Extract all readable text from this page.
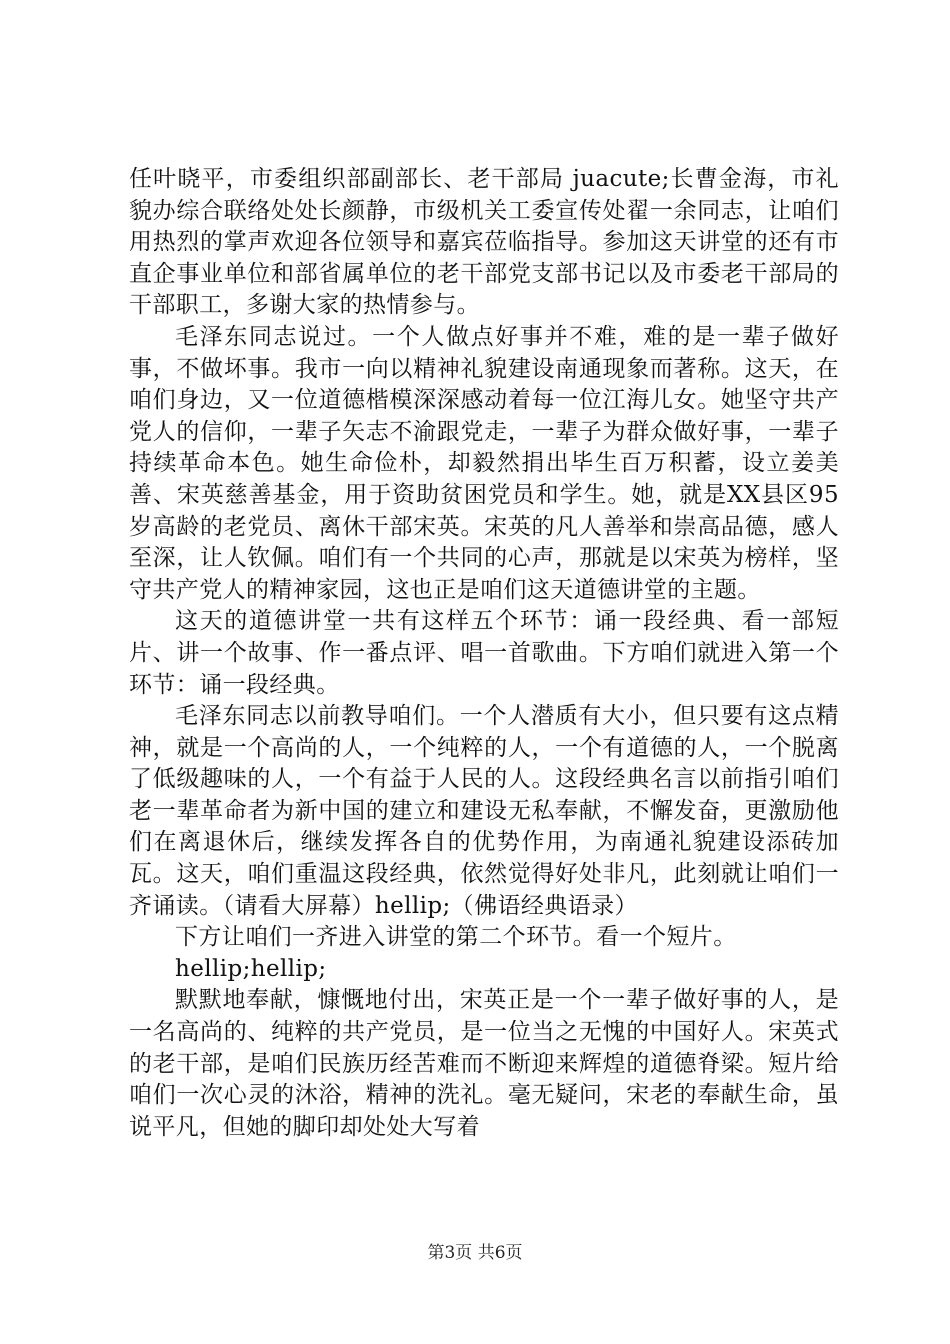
任叶晓平，市委组织部副部长、老干部局 juacute;长曹金海，市礼貌办综合联络处处长颜静，市级机关工委宣传处翟一余同志，让咱们用热烈的掌声欢迎各位领导和嘉宾莅临指导。参加这天讲堂的还有市直企事业单位和部省属单位的老干部党支部书记以及市委老干部局的干部职工，多谢大家的热情参与。

毛泽东同志说过。一个人做点好事并不难，难的是一辈子做好事，不做坏事。我市一向以精神礼貌建设南通现象而著称。这天，在咱们身边，又一位道德楷模深深感动着每一位江海儿女。她坚守共产党人的信仰，一辈子矢志不渝跟党走，一辈子为群众做好事，一辈子持续革命本色。她生命俭朴，却毅然捐出毕生百万积蓄，设立姜美善、宋英慈善基金，用于资助贫困党员和学生。她，就是XX县区95岁高龄的老党员、离休干部宋英。宋英的凡人善举和崇高品德，感人至深，让人钦佩。咱们有一个共同的心声，那就是以宋英为榜样，坚守共产党人的精神家园，这也正是咱们这天道德讲堂的主题。

这天的道德讲堂一共有这样五个环节：诵一段经典、看一部短片、讲一个故事、作一番点评、唱一首歌曲。下方咱们就进入第一个环节：诵一段经典。

毛泽东同志以前教导咱们。一个人潜质有大小，但只要有这点精神，就是一个高尚的人，一个纯粹的人，一个有道德的人，一个脱离了低级趣味的人，一个有益于人民的人。这段经典名言以前指引咱们老一辈革命者为新中国的建立和建设无私奉献，不懈发奋，更激励他们在离退休后，继续发挥各自的优势作用，为南通礼貌建设添砖加瓦。这天，咱们重温这段经典，依然觉得好处非凡，此刻就让咱们一齐诵读。（请看大屏幕）hellip;（佛语经典语录）

下方让咱们一齐进入讲堂的第二个环节。看一个短片。

hellip;hellip;

默默地奉献，慷慨地付出，宋英正是一个一辈子做好事的人，是一名高尚的、纯粹的共产党员，是一位当之无愧的中国好人。宋英式的老干部，是咱们民族历经苦难而不断迎来辉煌的道德脊梁。短片给咱们一次心灵的沐浴，精神的洗礼。毫无疑问，宋老的奉献生命，虽说平凡，但她的脚印却处处大写着

第3页 共6页
